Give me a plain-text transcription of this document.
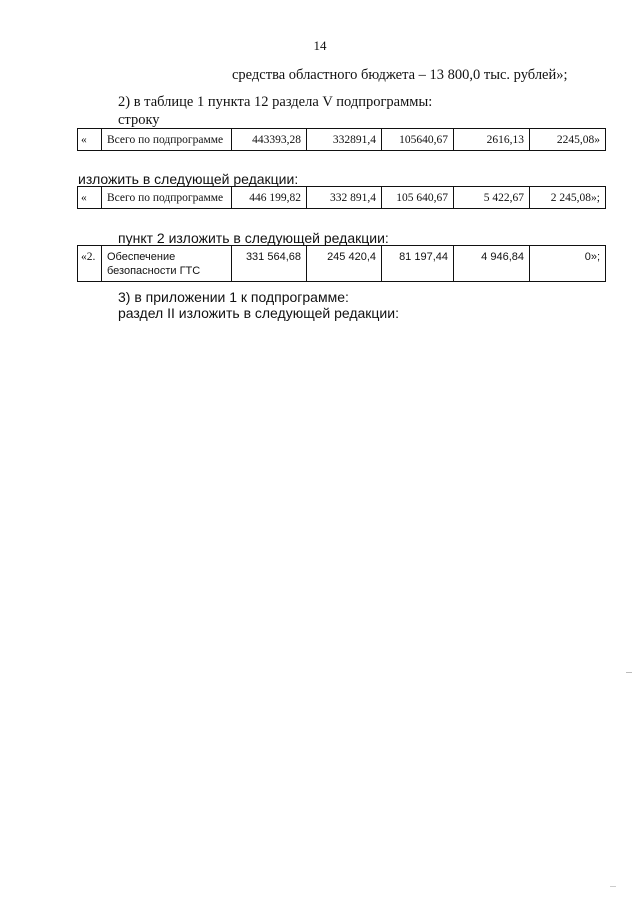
14
средства областного бюджета – 13 800,0 тыс. рублей»;
2) в таблице 1 пункта 12 раздела V подпрограммы:
строку
«	Всего по подпрограмме	443393,28	332891,4	105640,67	2616,13	2245,08»
изложить в следующей редакции:
«	Всего по подпрограмме	446 199,82	332 891,4	105 640,67	5 422,67	2 245,08»;
пункт 2 изложить в следующей редакции:
«2.	Обеспечение безопасности ГТС	331 564,68	245 420,4	81 197,44	4 946,84	0»;
3) в приложении 1 к подпрограмме:
раздел II изложить в следующей редакции:
